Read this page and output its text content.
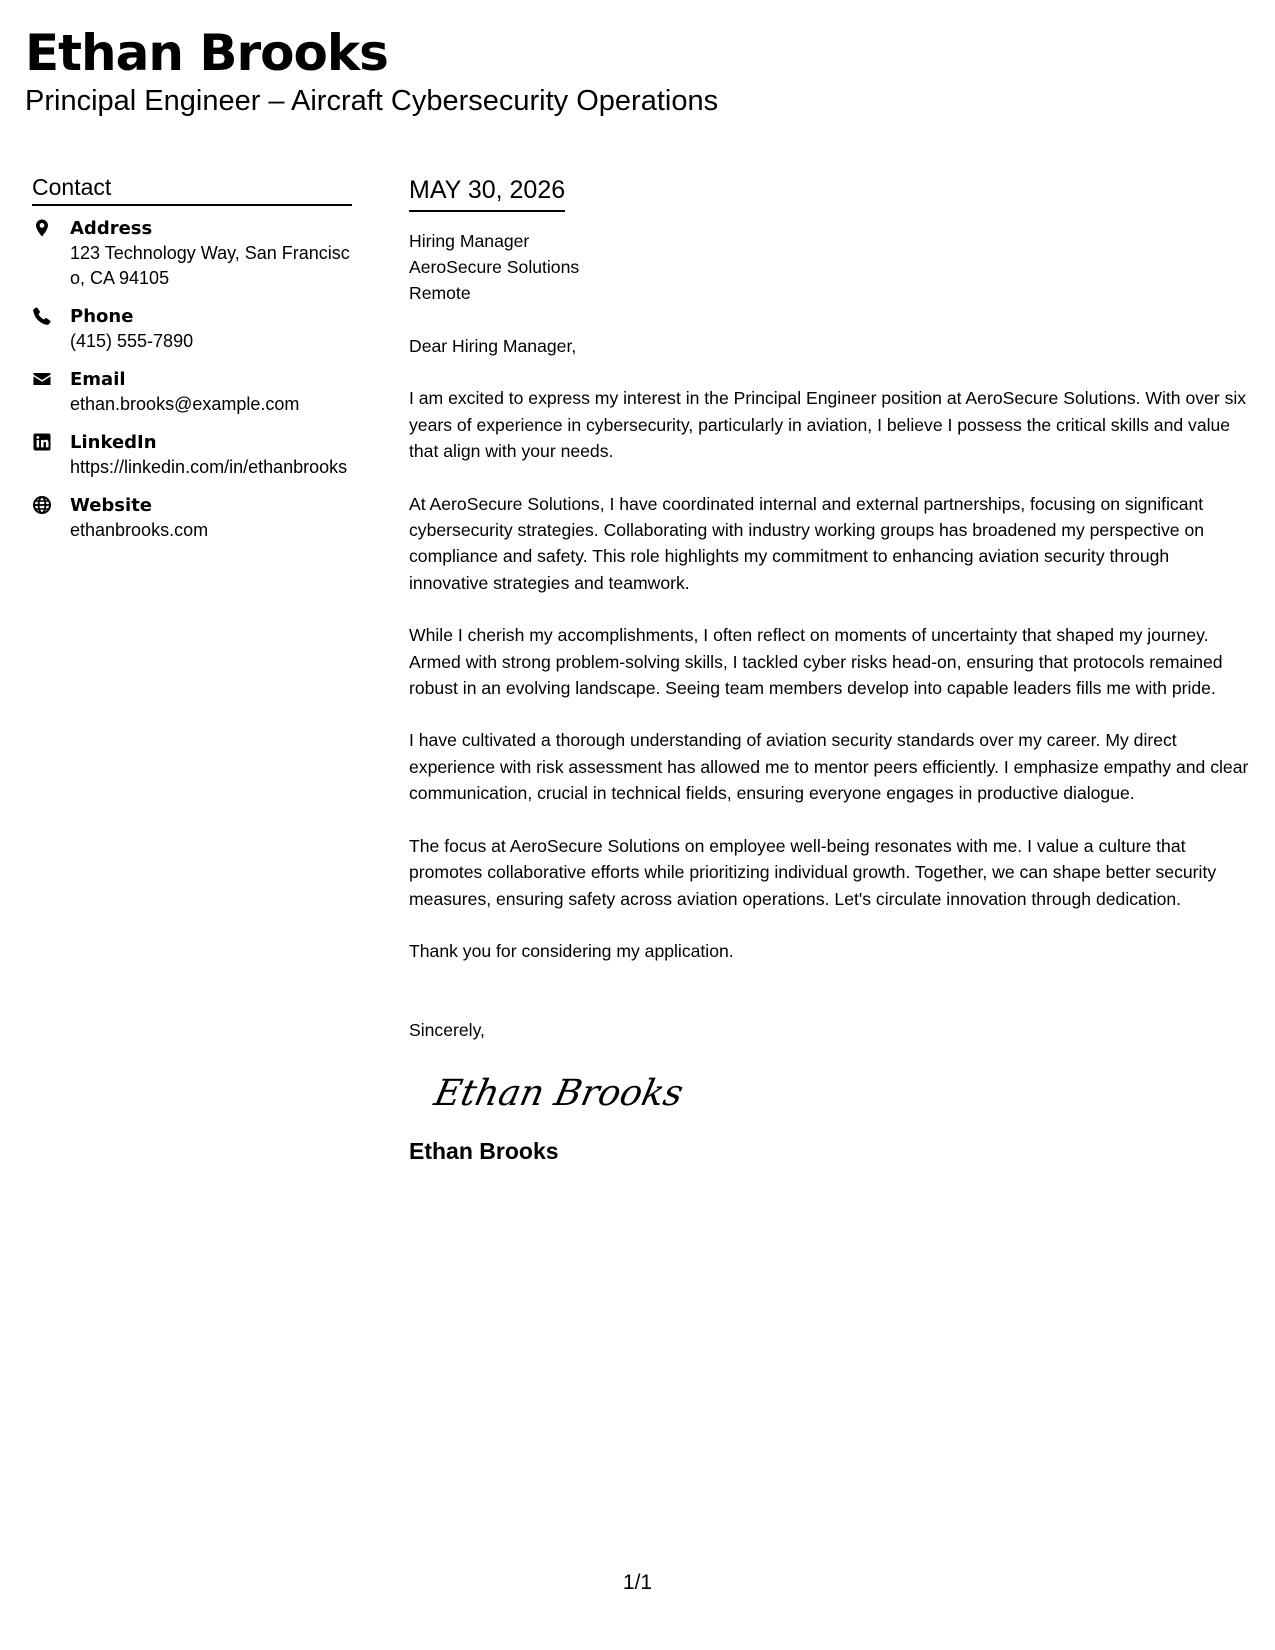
Ethan Brooks
Principal Engineer – Aircraft Cybersecurity Operations
Contact
Address
123 Technology Way, San Francisco, CA 94105
Phone
(415) 555-7890
Email
ethan.brooks@example.com
LinkedIn
https://linkedin.com/in/ethanbrooks
Website
ethanbrooks.com
MAY 30, 2026
Hiring Manager
AeroSecure Solutions
Remote
Dear Hiring Manager,
I am excited to express my interest in the Principal Engineer position at AeroSecure Solutions. With over six years of experience in cybersecurity, particularly in aviation, I believe I possess the critical skills and value that align with your needs.
At AeroSecure Solutions, I have coordinated internal and external partnerships, focusing on significant cybersecurity strategies. Collaborating with industry working groups has broadened my perspective on compliance and safety. This role highlights my commitment to enhancing aviation security through innovative strategies and teamwork.
While I cherish my accomplishments, I often reflect on moments of uncertainty that shaped my journey. Armed with strong problem-solving skills, I tackled cyber risks head-on, ensuring that protocols remained robust in an evolving landscape. Seeing team members develop into capable leaders fills me with pride.
I have cultivated a thorough understanding of aviation security standards over my career. My direct experience with risk assessment has allowed me to mentor peers efficiently. I emphasize empathy and clear communication, crucial in technical fields, ensuring everyone engages in productive dialogue.
The focus at AeroSecure Solutions on employee well-being resonates with me. I value a culture that promotes collaborative efforts while prioritizing individual growth. Together, we can shape better security measures, ensuring safety across aviation operations. Let's circulate innovation through dedication.
Thank you for considering my application.
Sincerely,
Ethan Brooks
Ethan Brooks
1/1
